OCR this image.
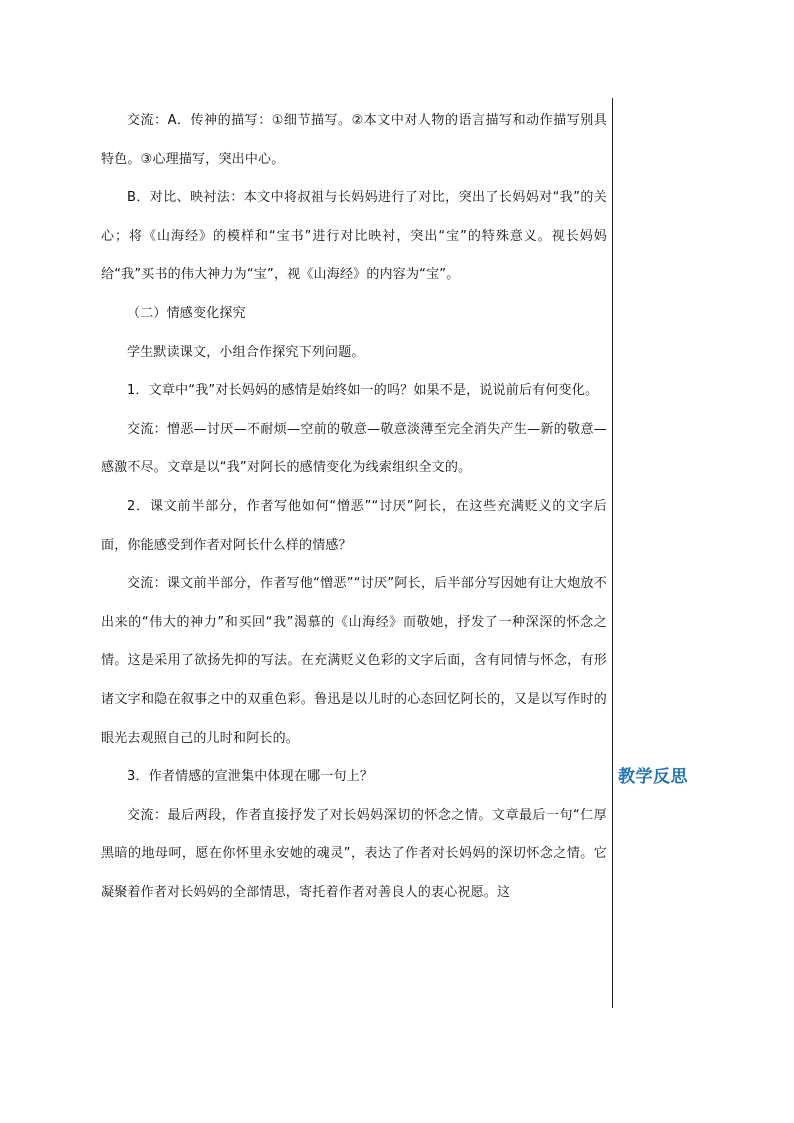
交流：A．传神的描写：①细节描写。②本文中对人物的语言描写和动作描写别具特色。③心理描写，突出中心。

B．对比、映衬法：本文中将叔祖与长妈妈进行了对比，突出了长妈妈对“我”的关心；将《山海经》的模样和“宝书”进行对比映衬，突出“宝”的特殊意义。视长妈妈给“我”买书的伟大神力为“宝”，视《山海经》的内容为“宝”。

（二）情感变化探究

学生默读课文，小组合作探究下列问题。

1．文章中“我”对长妈妈的感情是始终如一的吗？如果不是，说说前后有何变化。

交流：憎恶—讨厌—不耐烦—空前的敬意—敬意淡薄至完全消失产生—新的敬意—感激不尽。文章是以“我”对阿长的感情变化为线索组织全文的。

2．课文前半部分，作者写他如何“憎恶”“讨厌”阿长，在这些充满贬义的文字后面，你能感受到作者对阿长什么样的情感？

交流：课文前半部分，作者写他“憎恶”“讨厌”阿长，后半部分写因她有让大炮放不出来的“伟大的神力”和买回“我”渴慕的《山海经》而敬她，抒发了一种深深的怀念之情。这是采用了欲扬先抑的写法。在充满贬义色彩的文字后面，含有同情与怀念，有形诸文字和隐在叙事之中的双重色彩。鲁迅是以儿时的心态回忆阿长的，又是以写作时的眼光去观照自己的儿时和阿长的。

3．作者情感的宣泄集中体现在哪一句上？

交流：最后两段，作者直接抒发了对长妈妈深切的怀念之情。文章最后一句“仁厚黑暗的地母呵，愿在你怀里永安她的魂灵”，表达了作者对长妈妈的深切怀念之情。它凝聚着作者对长妈妈的全部情思，寄托着作者对善良人的衷心祝愿。这

教学反思
